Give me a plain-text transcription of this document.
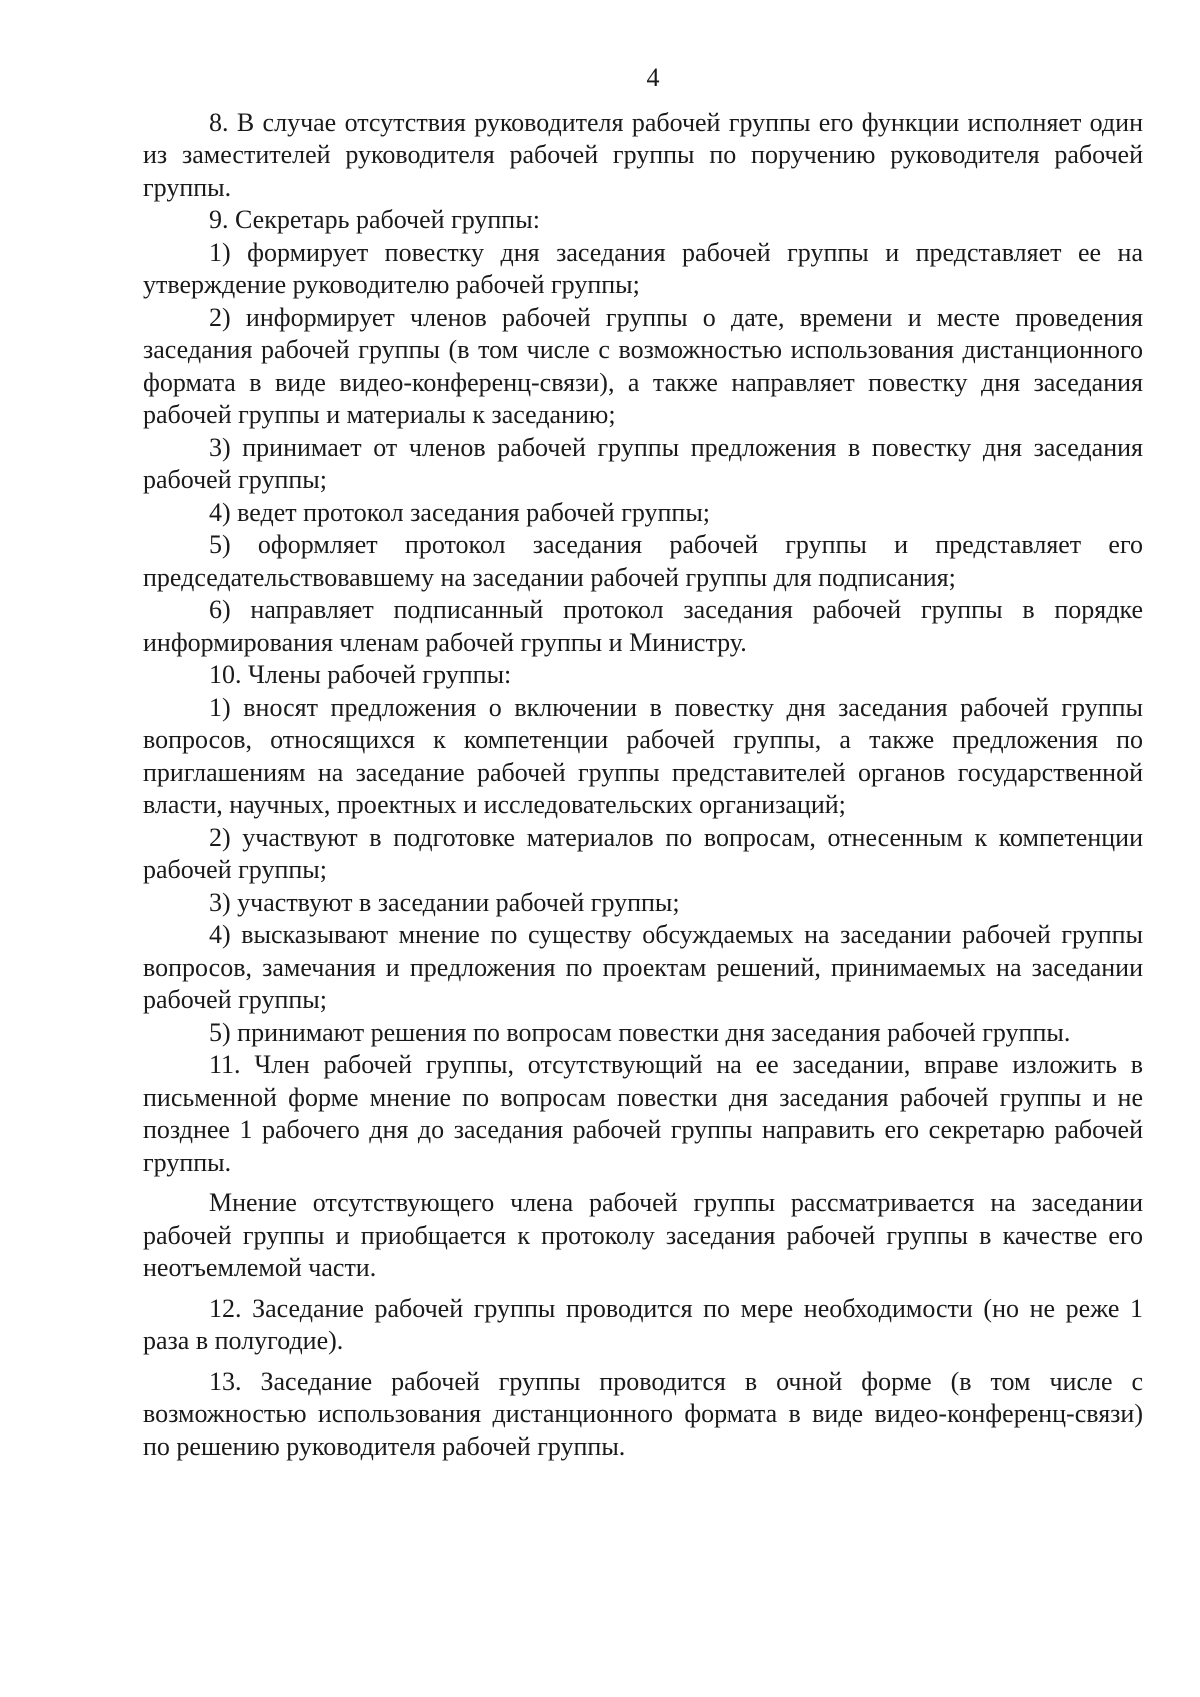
4

8. В случае отсутствия руководителя рабочей группы его функции исполняет один из заместителей руководителя рабочей группы по поручению руководителя рабочей группы.

9. Секретарь рабочей группы:

1) формирует повестку дня заседания рабочей группы и представляет ее на утверждение руководителю рабочей группы;

2) информирует членов рабочей группы о дате, времени и месте проведения заседания рабочей группы (в том числе с возможностью использования дистанционного формата в виде видео-конференц-связи), а также направляет повестку дня заседания рабочей группы и материалы к заседанию;

3) принимает от членов рабочей группы предложения в повестку дня заседания рабочей группы;

4) ведет протокол заседания рабочей группы;

5) оформляет протокол заседания рабочей группы и представляет его председательствовавшему на заседании рабочей группы для подписания;

6) направляет подписанный протокол заседания рабочей группы в порядке информирования членам рабочей группы и Министру.

10. Члены рабочей группы:

1) вносят предложения о включении в повестку дня заседания рабочей группы вопросов, относящихся к компетенции рабочей группы, а также предложения по приглашениям на заседание рабочей группы представителей органов государственной власти, научных, проектных и исследовательских организаций;

2) участвуют в подготовке материалов по вопросам, отнесенным к компетенции рабочей группы;

3) участвуют в заседании рабочей группы;

4) высказывают мнение по существу обсуждаемых на заседании рабочей группы вопросов, замечания и предложения по проектам решений, принимаемых на заседании рабочей группы;

5) принимают решения по вопросам повестки дня заседания рабочей группы.

11. Член рабочей группы, отсутствующий на ее заседании, вправе изложить в письменной форме мнение по вопросам повестки дня заседания рабочей группы и не позднее 1 рабочего дня до заседания рабочей группы направить его секретарю рабочей группы.

Мнение отсутствующего члена рабочей группы рассматривается на заседании рабочей группы и приобщается к протоколу заседания рабочей группы в качестве его неотъемлемой части.

12. Заседание рабочей группы проводится по мере необходимости (но не реже 1 раза в полугодие).

13. Заседание рабочей группы проводится в очной форме (в том числе с возможностью использования дистанционного формата в виде видео-конференц-связи) по решению руководителя рабочей группы.
